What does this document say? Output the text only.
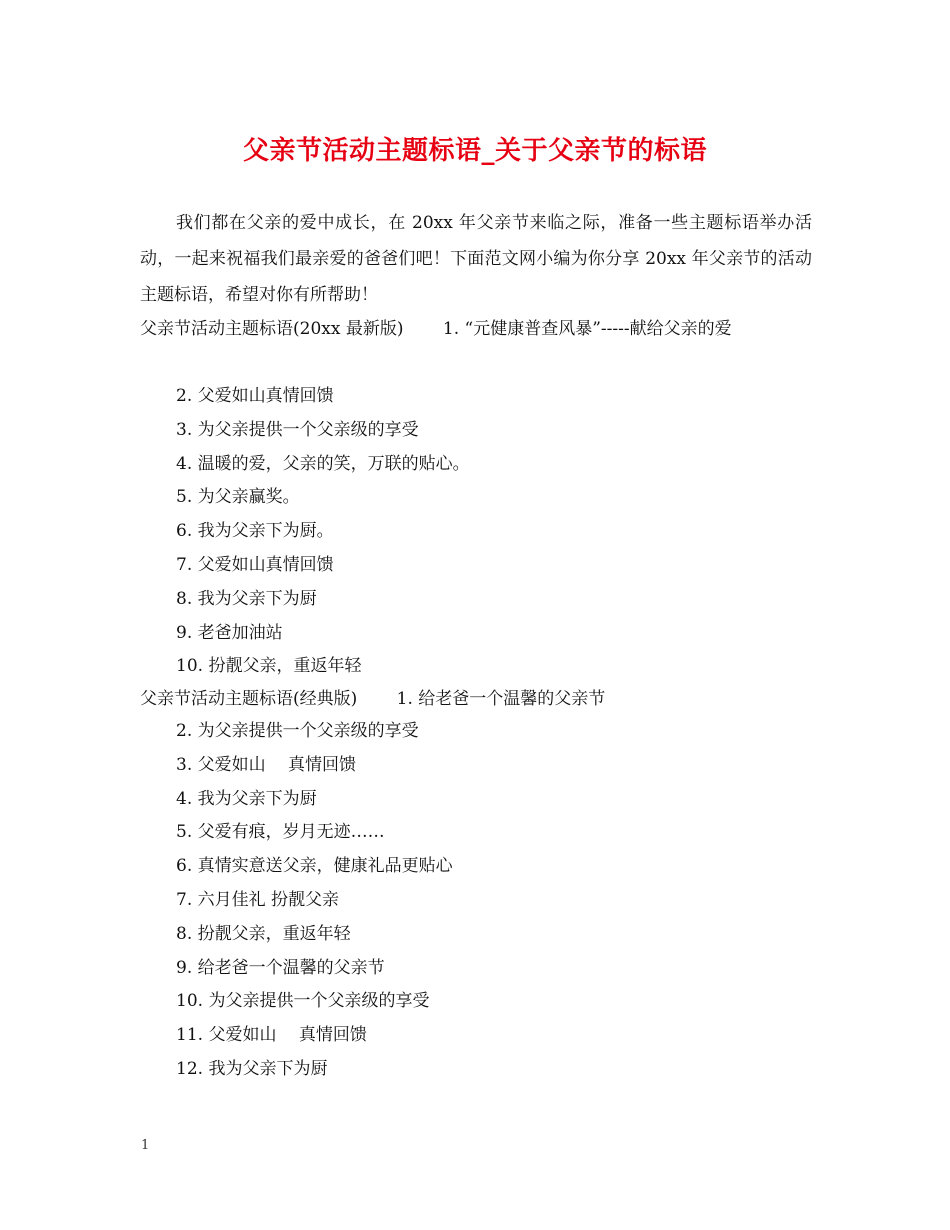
父亲节活动主题标语_关于父亲节的标语
我们都在父亲的爱中成长，在 20xx 年父亲节来临之际，准备一些主题标语举办活动，一起来祝福我们最亲爱的爸爸们吧！下面范文网小编为你分享 20xx 年父亲节的活动主题标语，希望对你有所帮助！
父亲节活动主题标语(20xx 最新版)　　 1. “元健康普查风暴”-----献给父亲的爱
2. 父爱如山真情回馈
3. 为父亲提供一个父亲级的享受
4. 温暖的爱，父亲的笑，万联的贴心。
5. 为父亲赢奖。
6. 我为父亲下为厨。
7. 父爱如山真情回馈
8. 我为父亲下为厨
9. 老爸加油站
10. 扮靓父亲，重返年轻
父亲节活动主题标语(经典版)　　 1. 给老爸一个温馨的父亲节
2. 为父亲提供一个父亲级的享受
3. 父爱如山　 真情回馈
4. 我为父亲下为厨
5. 父爱有痕，岁月无迹……
6. 真情实意送父亲，健康礼品更贴心
7. 六月佳礼 扮靓父亲
8. 扮靓父亲，重返年轻
9. 给老爸一个温馨的父亲节
10. 为父亲提供一个父亲级的享受
11. 父爱如山　 真情回馈
12. 我为父亲下为厨
1
